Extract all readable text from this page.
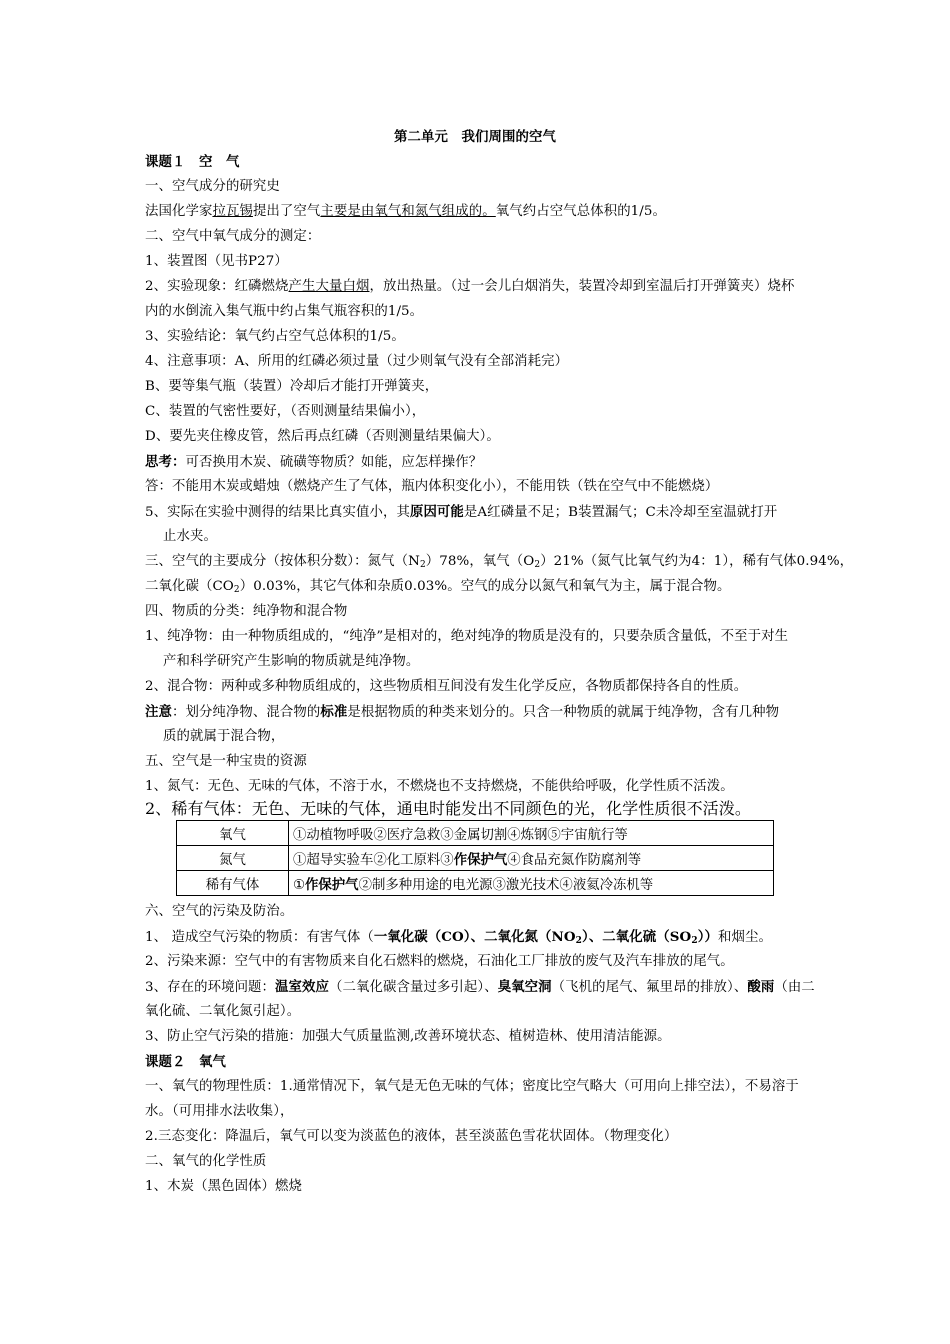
第二单元　我们周围的空气
课题１　空　气
一、空气成分的研究史
法国化学家拉瓦锡提出了空气主要是由氧气和氮气组成的。氧气约占空气总体积的1/5。
二、空气中氧气成分的测定：
1、装置图（见书P27）
2、实验现象：红磷燃烧产生大量白烟，放出热量。（过一会儿白烟消失，装置冷却到室温后打开弹簧夹）烧杯
内的水倒流入集气瓶中约占集气瓶容积的1/5。
3、实验结论：氧气约占空气总体积的1/5。
4、注意事项：A、所用的红磷必须过量（过少则氧气没有全部消耗完）
B、要等集气瓶（装置）冷却后才能打开弹簧夹，
C、装置的气密性要好，（否则测量结果偏小），
D、要先夹住橡皮管，然后再点红磷（否则测量结果偏大）。
思考：可否换用木炭、硫磺等物质？如能，应怎样操作？
答：不能用木炭或蜡烛（燃烧产生了气体，瓶内体积变化小），不能用铁（铁在空气中不能燃烧）
5、实际在实验中测得的结果比真实值小，其原因可能是A红磷量不足；B装置漏气；C未冷却至室温就打开
止水夹。
三、空气的主要成分（按体积分数）：氮气$(N_2)78\%$，氧气$(O_2)21\%$（氮气比氧气约为4：1），稀有气体0.94%，
二氧化碳$(CO_2)0.03\%$，其它气体和杂质0.03%。空气的成分以氮气和氧气为主，属于混合物。
四、物质的分类：纯净物和混合物
1、纯净物：由一种物质组成的，“纯净”是相对的，绝对纯净的物质是没有的，只要杂质含量低，不至于对生
产和科学研究产生影响的物质就是纯净物。
2、混合物：两种或多种物质组成的，这些物质相互间没有发生化学反应，各物质都保持各自的性质。
注意：划分纯净物、混合物的标准是根据物质的种类来划分的。只含一种物质的就属于纯净物，含有几种物
质的就属于混合物，
五、空气是一种宝贵的资源
1、氮气：无色、无味的气体，不溶于水，不燃烧也不支持燃烧，不能供给呼吸，化学性质不活泼。
2、稀有气体：无色、无味的气体，通电时能发出不同颜色的光，化学性质很不活泼。
氧气	①动植物呼吸②医疗急救③金属切割④炼钢⑤宇宙航行等
氮气	①超导实验车②化工原料③作保护气④食品充氮作防腐剂等
稀有气体	①作保护气②制多种用途的电光源③激光技术④液氦冷冻机等
六、空气的污染及防治。
1、 造成空气污染的物质：有害气体（一氧化碳（CO）、二氧化氮$(NO_2)$、二氧化硫$(SO_2)$）和烟尘。
2、污染来源：空气中的有害物质来自化石燃料的燃烧，石油化工厂排放的废气及汽车排放的尾气。
3、存在的环境问题：温室效应（二氧化碳含量过多引起）、臭氧空洞（飞机的尾气、氟里昂的排放）、酸雨（由二
氧化硫、二氧化氮引起）。
3、防止空气污染的措施：加强大气质量监测,改善环境状态、植树造林、使用清洁能源。
课题２　氧气
一、氧气的物理性质：1.通常情况下，氧气是无色无味的气体；密度比空气略大（可用向上排空法），不易溶于
水。（可用排水法收集），
2.三态变化：降温后，氧气可以变为淡蓝色的液体，甚至淡蓝色雪花状固体。（物理变化）
二、氧气的化学性质
1、木炭（黑色固体）燃烧
